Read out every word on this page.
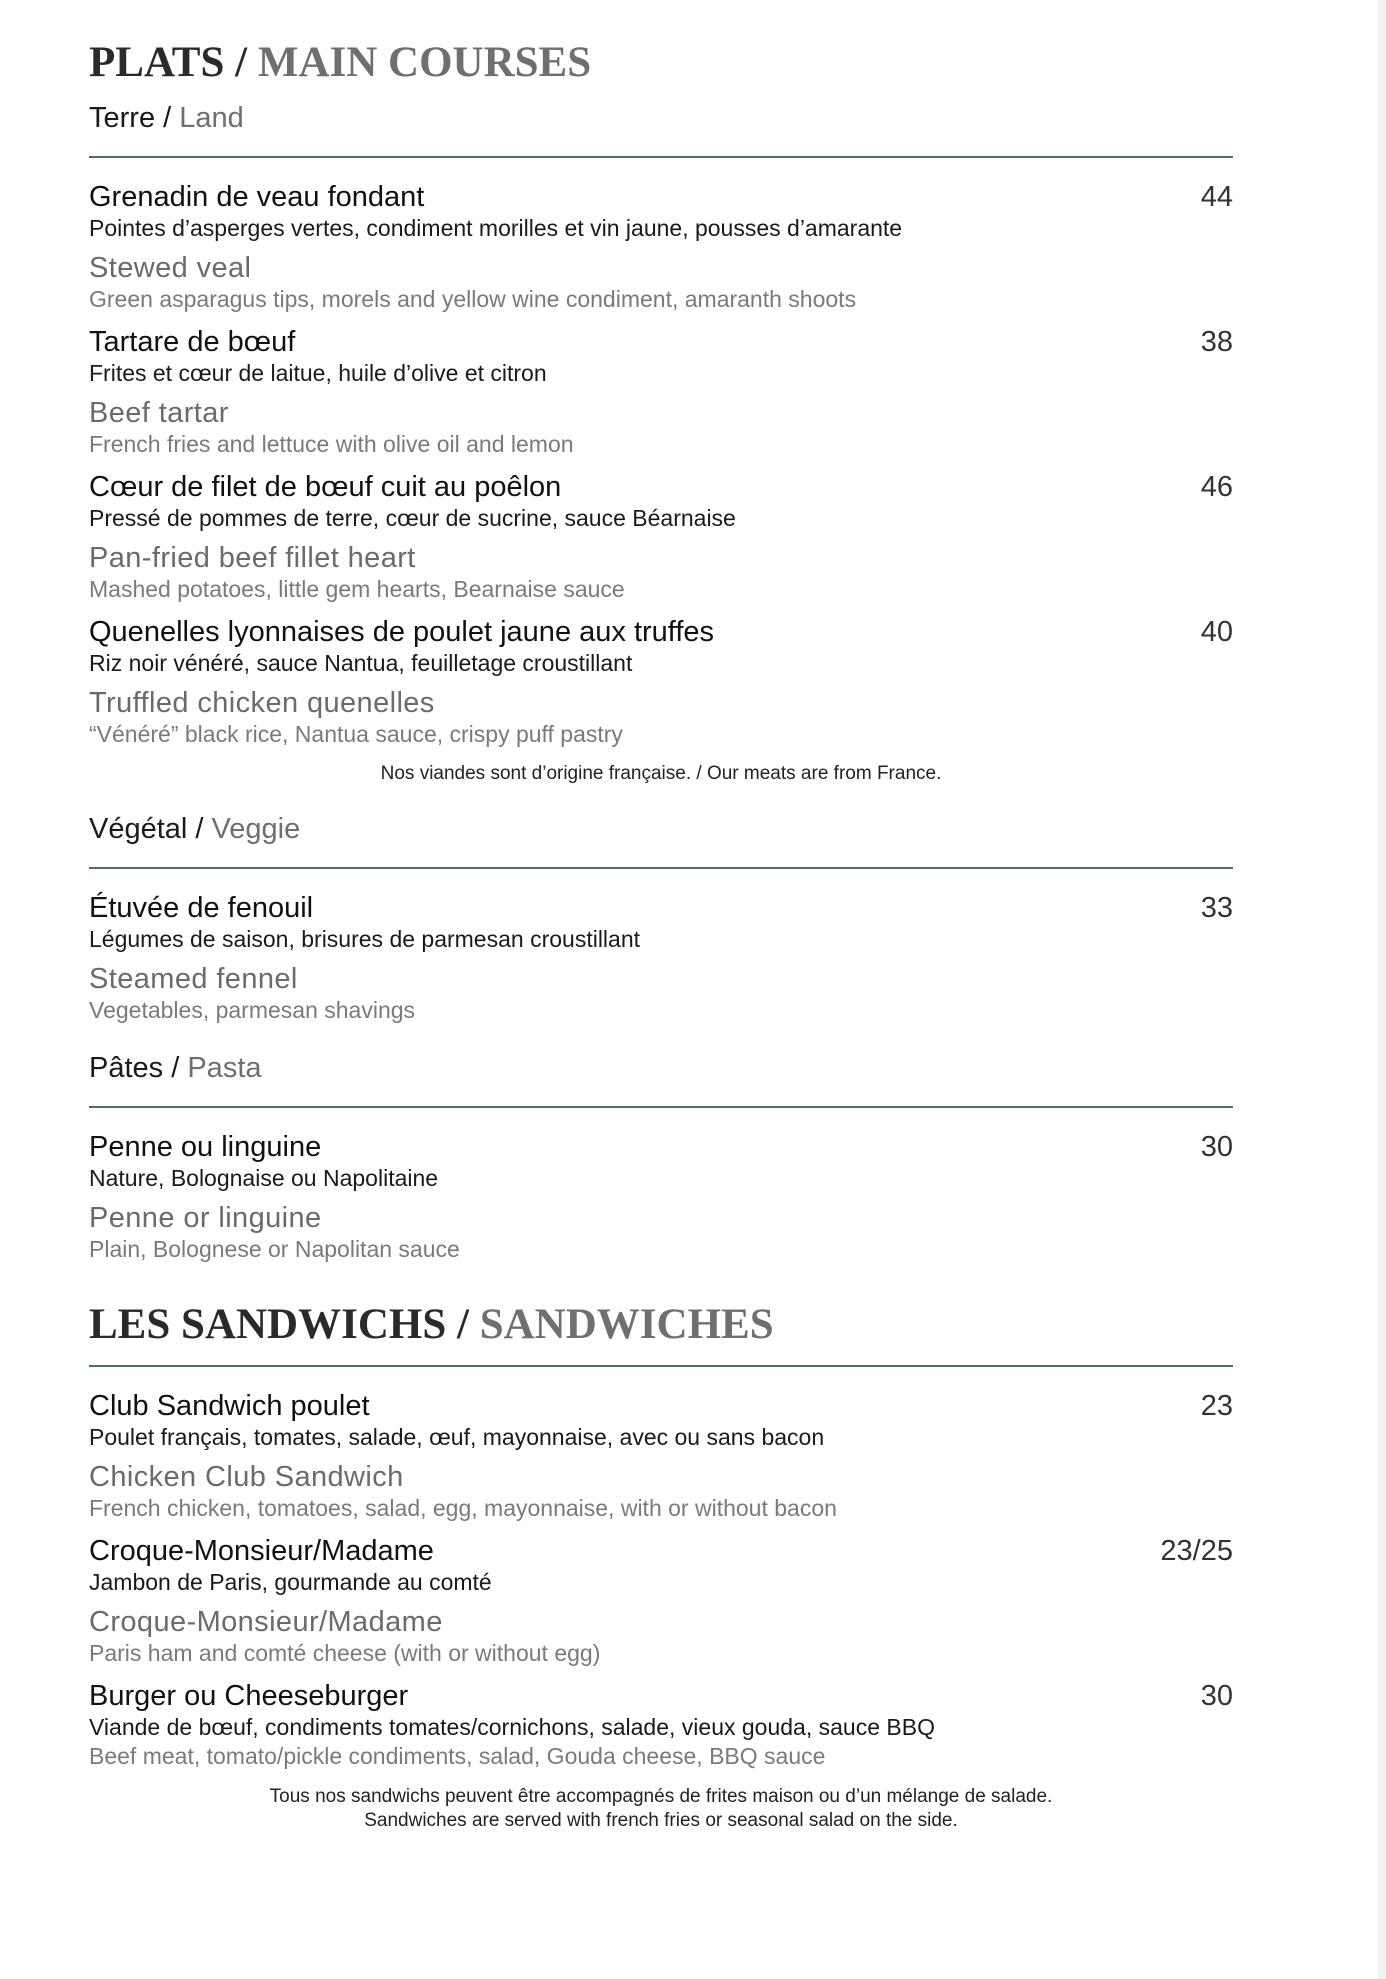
PLATS / MAIN COURSES
Terre / Land
Grenadin de veau fondant	44
Pointes d’asperges vertes, condiment morilles et vin jaune, pousses d’amarante
Stewed veal
Green asparagus tips, morels and yellow wine condiment, amaranth shoots
Tartare de bœuf	38
Frites et cœur de laitue, huile d’olive et citron
Beef tartar
French fries and lettuce with olive oil and lemon
Cœur de filet de bœuf cuit au poêlon	46
Pressé de pommes de terre, cœur de sucrine, sauce Béarnaise
Pan-fried beef fillet heart
Mashed potatoes, little gem hearts, Bearnaise sauce
Quenelles lyonnaises de poulet jaune aux truffes	40
Riz noir vénéré, sauce Nantua, feuilletage croustillant
Truffled chicken quenelles
“Vénéré” black rice, Nantua sauce, crispy puff pastry
Nos viandes sont d’origine française. / Our meats are from France.
Végétal / Veggie
Étuvée de fenouil	33
Légumes de saison, brisures de parmesan croustillant
Steamed fennel
Vegetables, parmesan shavings
Pâtes / Pasta
Penne ou linguine	30
Nature, Bolognaise ou Napolitaine
Penne or linguine
Plain, Bolognese or Napolitan sauce
LES SANDWICHS / SANDWICHES
Club Sandwich poulet	23
Poulet français, tomates, salade, œuf, mayonnaise, avec ou sans bacon
Chicken Club Sandwich
French chicken, tomatoes, salad, egg, mayonnaise, with or without bacon
Croque-Monsieur/Madame	23/25
Jambon de Paris, gourmande au comté
Croque-Monsieur/Madame
Paris ham and comté cheese (with or without egg)
Burger ou Cheeseburger	30
Viande de bœuf, condiments tomates/cornichons, salade, vieux gouda, sauce BBQ
Beef meat, tomato/pickle condiments, salad, Gouda cheese, BBQ sauce
Tous nos sandwichs peuvent être accompagnés de frites maison ou d’un mélange de salade.
Sandwiches are served with french fries or seasonal salad on the side.
